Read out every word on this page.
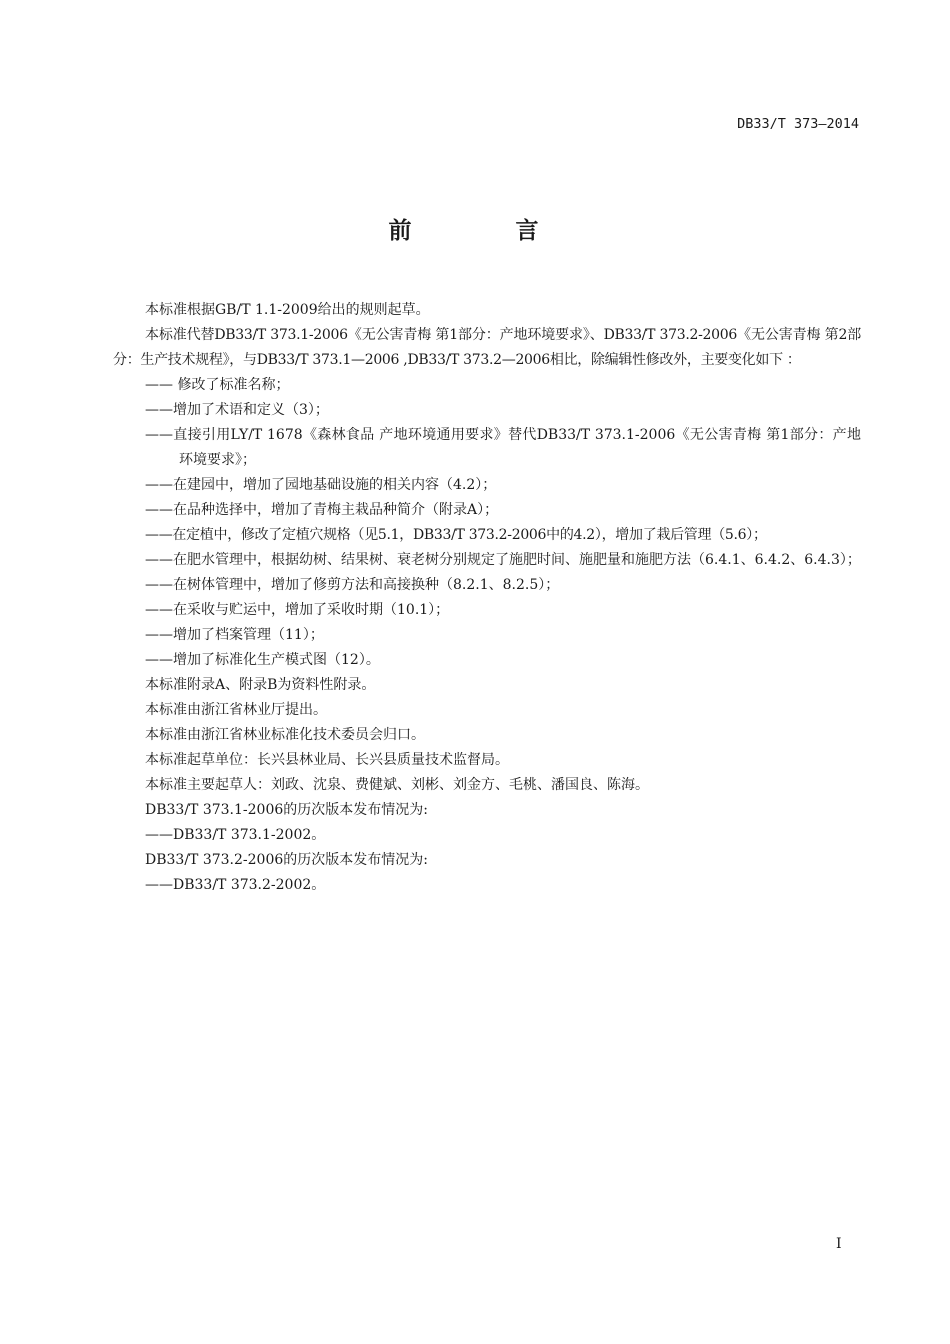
DB33/T 373—2014
前 言

本标准根据GB/T 1.1-2009给出的规则起草。

本标准代替DB33/T 373.1-2006《无公害青梅 第1部分：产地环境要求》、DB33/T 373.2-2006《无公害青梅 第2部分：生产技术规程》，与DB33/T 373.1—2006 ,DB33/T 373.2—2006相比，除编辑性修改外，主要变化如下 ：

—— 修改了标准名称；

——增加了术语和定义（3）；

——直接引用LY/T 1678《森林食品 产地环境通用要求》替代DB33/T 373.1-2006《无公害青梅 第1部分：产地环境要求》；

——在建园中，增加了园地基础设施的相关内容（4.2）；

——在品种选择中，增加了青梅主栽品种简介（附录A）；

——在定植中，修改了定植穴规格（见5.1，DB33/T 373.2-2006中的4.2），增加了栽后管理（5.6）；

——在肥水管理中，根据幼树、结果树、衰老树分别规定了施肥时间、施肥量和施肥方法（6.4.1、6.4.2、6.4.3）；

——在树体管理中，增加了修剪方法和高接换种（8.2.1、8.2.5）；

——在采收与贮运中，增加了采收时期（10.1）；

——增加了档案管理（11）；

——增加了标准化生产模式图（12）。

本标准附录A、附录B为资料性附录。

本标准由浙江省林业厅提出。

本标准由浙江省林业标准化技术委员会归口。

本标准起草单位：长兴县林业局、长兴县质量技术监督局。

本标准主要起草人：刘政、沈泉、费健斌、刘彬、刘金方、毛桃、潘国良、陈海。

DB33/T 373.1-2006的历次版本发布情况为:

——DB33/T 373.1-2002。

DB33/T 373.2-2006的历次版本发布情况为:

——DB33/T 373.2-2002。

I
